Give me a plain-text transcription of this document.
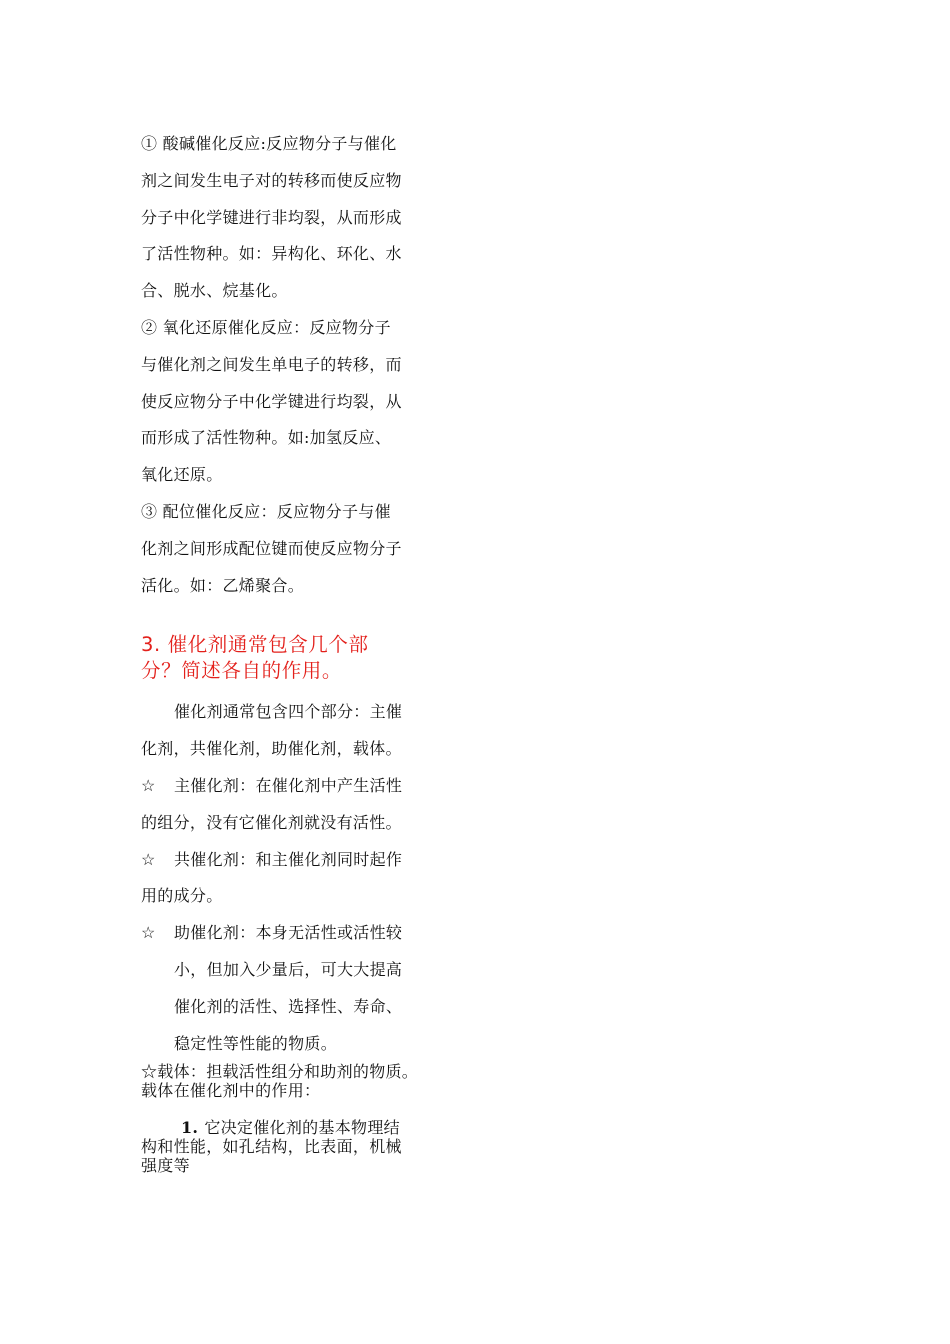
① 酸碱催化反应:反应物分子与催化
剂之间发生电子对的转移而使反应物
分子中化学键进行非均裂，从而形成
了活性物种。如：异构化、环化、水
合、脱水、烷基化。
② 氧化还原催化反应：反应物分子
与催化剂之间发生单电子的转移，而
使反应物分子中化学键进行均裂，从
而形成了活性物种。如:加氢反应、
氧化还原。
③ 配位催化反应：反应物分子与催
化剂之间形成配位键而使反应物分子
活化。如：乙烯聚合。
3. 催化剂通常包含几个部
分？简述各自的作用。
催化剂通常包含四个部分：主催
化剂，共催化剂，助催化剂，载体。
☆ 主催化剂：在催化剂中产生活性
的组分，没有它催化剂就没有活性。
☆ 共催化剂：和主催化剂同时起作
用的成分。
☆ 助催化剂：本身无活性或活性较
小，但加入少量后，可大大提高
催化剂的活性、选择性、寿命、
稳定性等性能的物质。
☆载体：担载活性组分和助剂的物质。
载体在催化剂中的作用：
1. 它决定催化剂的基本物理结
构和性能，如孔结构，比表面，机械
强度等
